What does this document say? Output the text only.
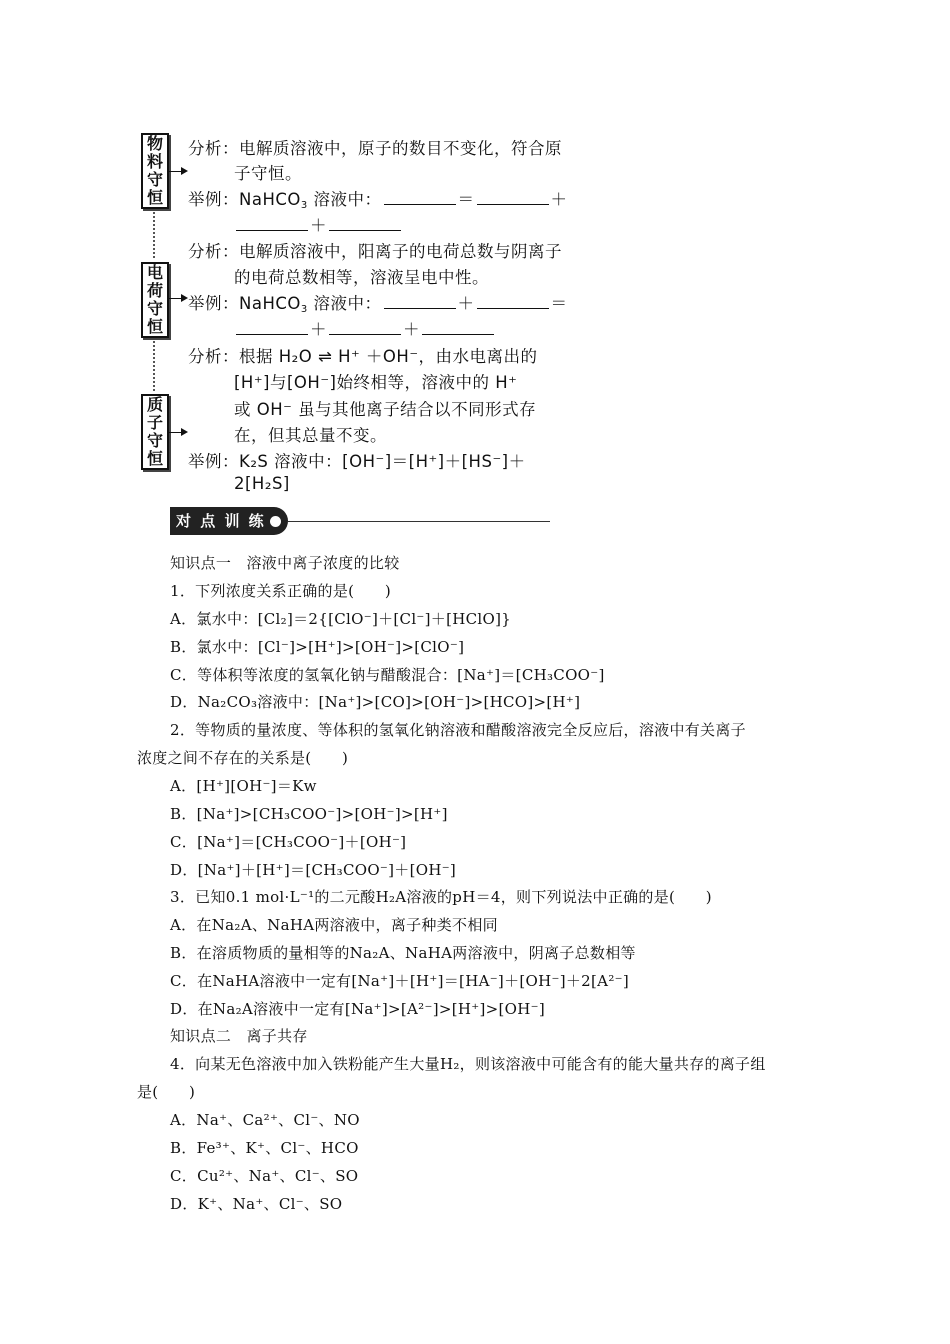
物
料
守
恒
电
荷
守
恒
质
子
守
恒
分析：电解质溶液中，原子的数目不变化，符合原
子守恒。
举例：NaHCO$_3$ 溶液中：	＝	＋
＋
分析：电解质溶液中，阳离子的电荷总数与阴离子
的电荷总数相等，溶液呈电中性。
举例：NaHCO$_3$ 溶液中：	＋	＝
＋	＋
分析：根据 H₂O ⇌ H⁺ ＋OH⁻，由水电离出的
[H⁺]与[OH⁻]始终相等，溶液中的 H⁺
或 OH⁻ 虽与其他离子结合以不同形式存
在，但其总量不变。
举例：K₂S 溶液中：[OH⁻]＝[H⁺]＋[HS⁻]＋
2[H₂S]
对 点 训 练
知识点一　溶液中离子浓度的比较
1．下列浓度关系正确的是(　　)
A．氯水中：[Cl₂]＝2{[ClO⁻]＋[Cl⁻]＋[HClO]}
B．氯水中：[Cl⁻]>[H⁺]>[OH⁻]>[ClO⁻]
C．等体积等浓度的氢氧化钠与醋酸混合：[Na⁺]＝[CH₃COO⁻]
D．Na₂CO₃溶液中：[Na⁺]>[CO]>[OH⁻]>[HCO]>[H⁺]
2．等物质的量浓度、等体积的氢氧化钠溶液和醋酸溶液完全反应后，溶液中有关离子
浓度之间不存在的关系是(　　)
A．[H⁺][OH⁻]＝Kw
B．[Na⁺]>[CH₃COO⁻]>[OH⁻]>[H⁺]
C．[Na⁺]＝[CH₃COO⁻]＋[OH⁻]
D．[Na⁺]＋[H⁺]＝[CH₃COO⁻]＋[OH⁻]
3．已知0.1 mol·L⁻¹的二元酸H₂A溶液的pH＝4，则下列说法中正确的是(　　)
A．在Na₂A、NaHA两溶液中，离子种类不相同
B．在溶质物质的量相等的Na₂A、NaHA两溶液中，阴离子总数相等
C．在NaHA溶液中一定有[Na⁺]＋[H⁺]＝[HA⁻]＋[OH⁻]＋2[A²⁻]
D．在Na₂A溶液中一定有[Na⁺]>[A²⁻]>[H⁺]>[OH⁻]
知识点二　离子共存
4．向某无色溶液中加入铁粉能产生大量H₂，则该溶液中可能含有的能大量共存的离子组
是(　　)
A．Na⁺、Ca²⁺、Cl⁻、NO
B．Fe³⁺、K⁺、Cl⁻、HCO
C．Cu²⁺、Na⁺、Cl⁻、SO
D．K⁺、Na⁺、Cl⁻、SO
